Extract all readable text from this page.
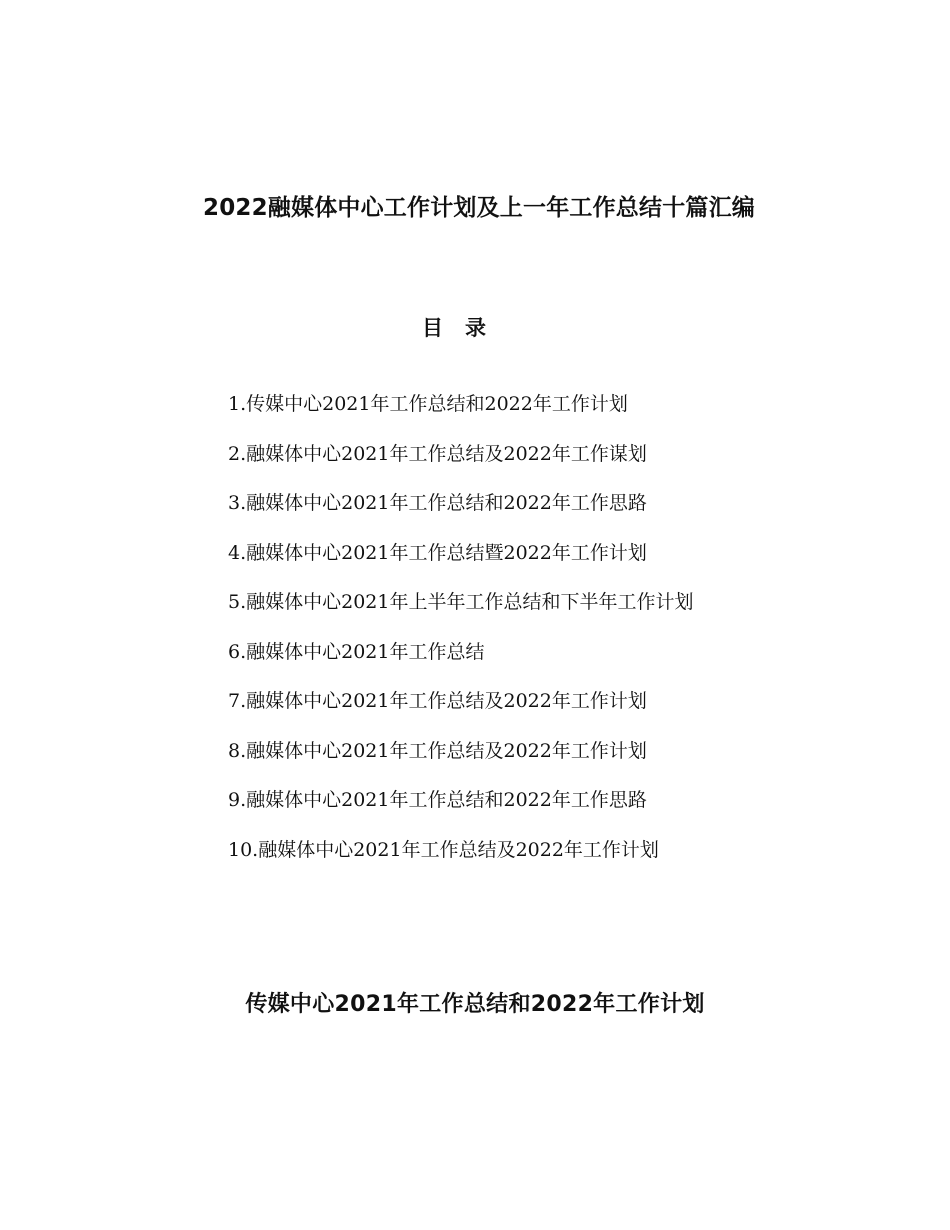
2022融媒体中心工作计划及上一年工作总结十篇汇编
目   录
1.传媒中心2021年工作总结和2022年工作计划
2.融媒体中心2021年工作总结及2022年工作谋划
3.融媒体中心2021年工作总结和2022年工作思路
4.融媒体中心2021年工作总结暨2022年工作计划
5.融媒体中心2021年上半年工作总结和下半年工作计划
6.融媒体中心2021年工作总结
7.融媒体中心2021年工作总结及2022年工作计划
8.融媒体中心2021年工作总结及2022年工作计划
9.融媒体中心2021年工作总结和2022年工作思路
10.融媒体中心2021年工作总结及2022年工作计划
传媒中心2021年工作总结和2022年工作计划
